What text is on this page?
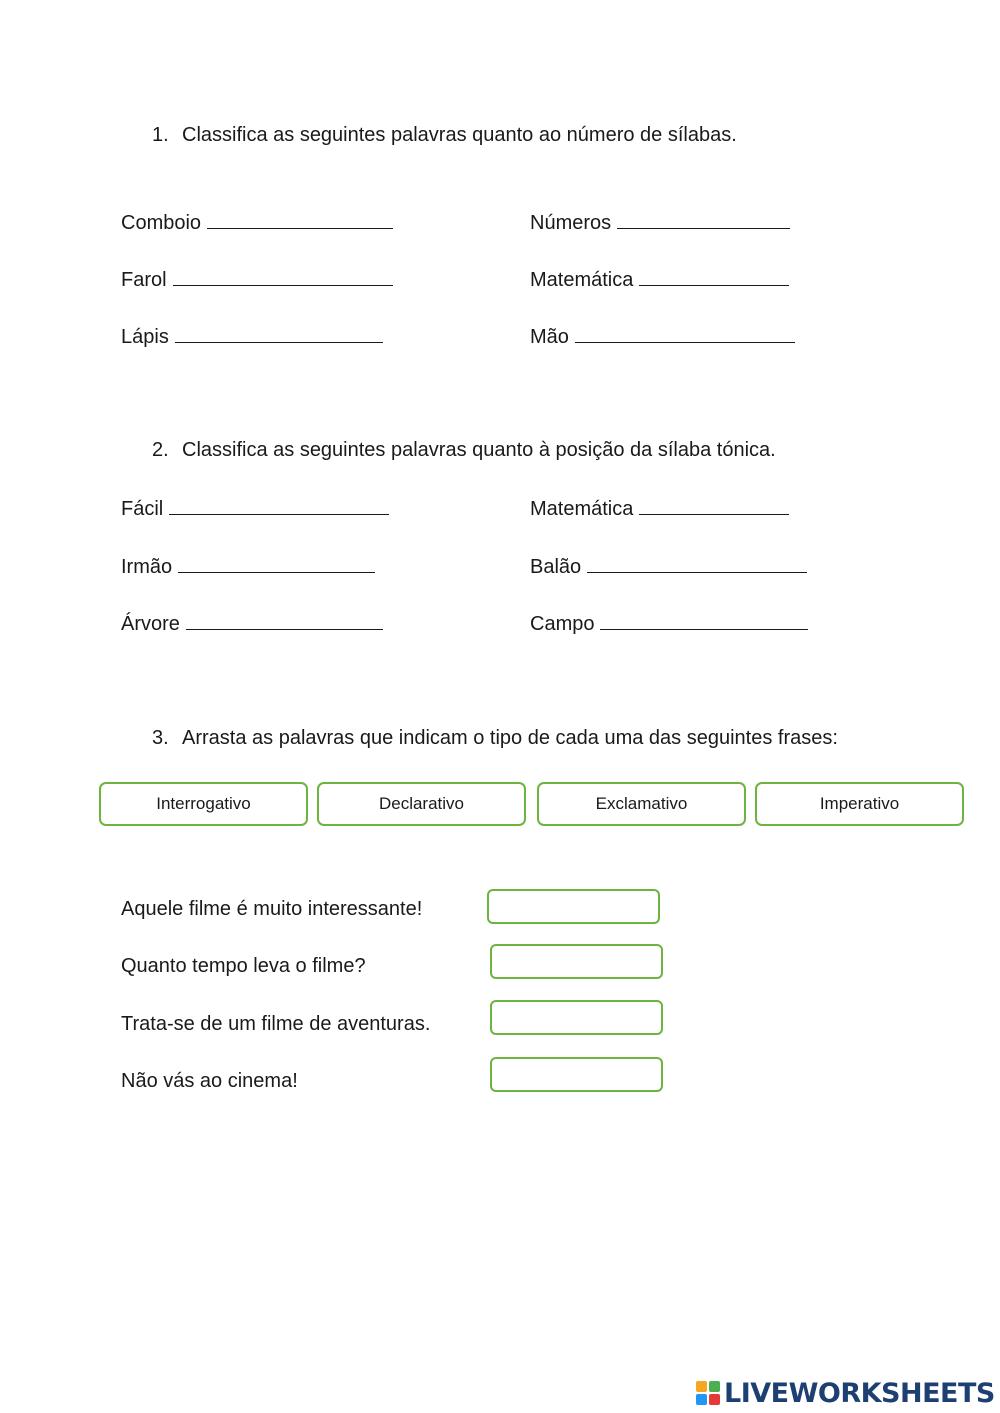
1. Classifica as seguintes palavras quanto ao número de sílabas.
Comboio	Números
Farol	Matemática
Lápis	Mão
2. Classifica as seguintes palavras quanto à posição da sílaba tónica.
Fácil	Matemática
Irmão	Balão
Árvore	Campo
3. Arrasta as palavras que indicam o tipo de cada uma das seguintes frases:
Interrogativo	Declarativo	Exclamativo	Imperativo
Aquele filme é muito interessante!
Quanto tempo leva o filme?
Trata-se de um filme de aventuras.
Não vás ao cinema!
LIVEWORKSHEETS
